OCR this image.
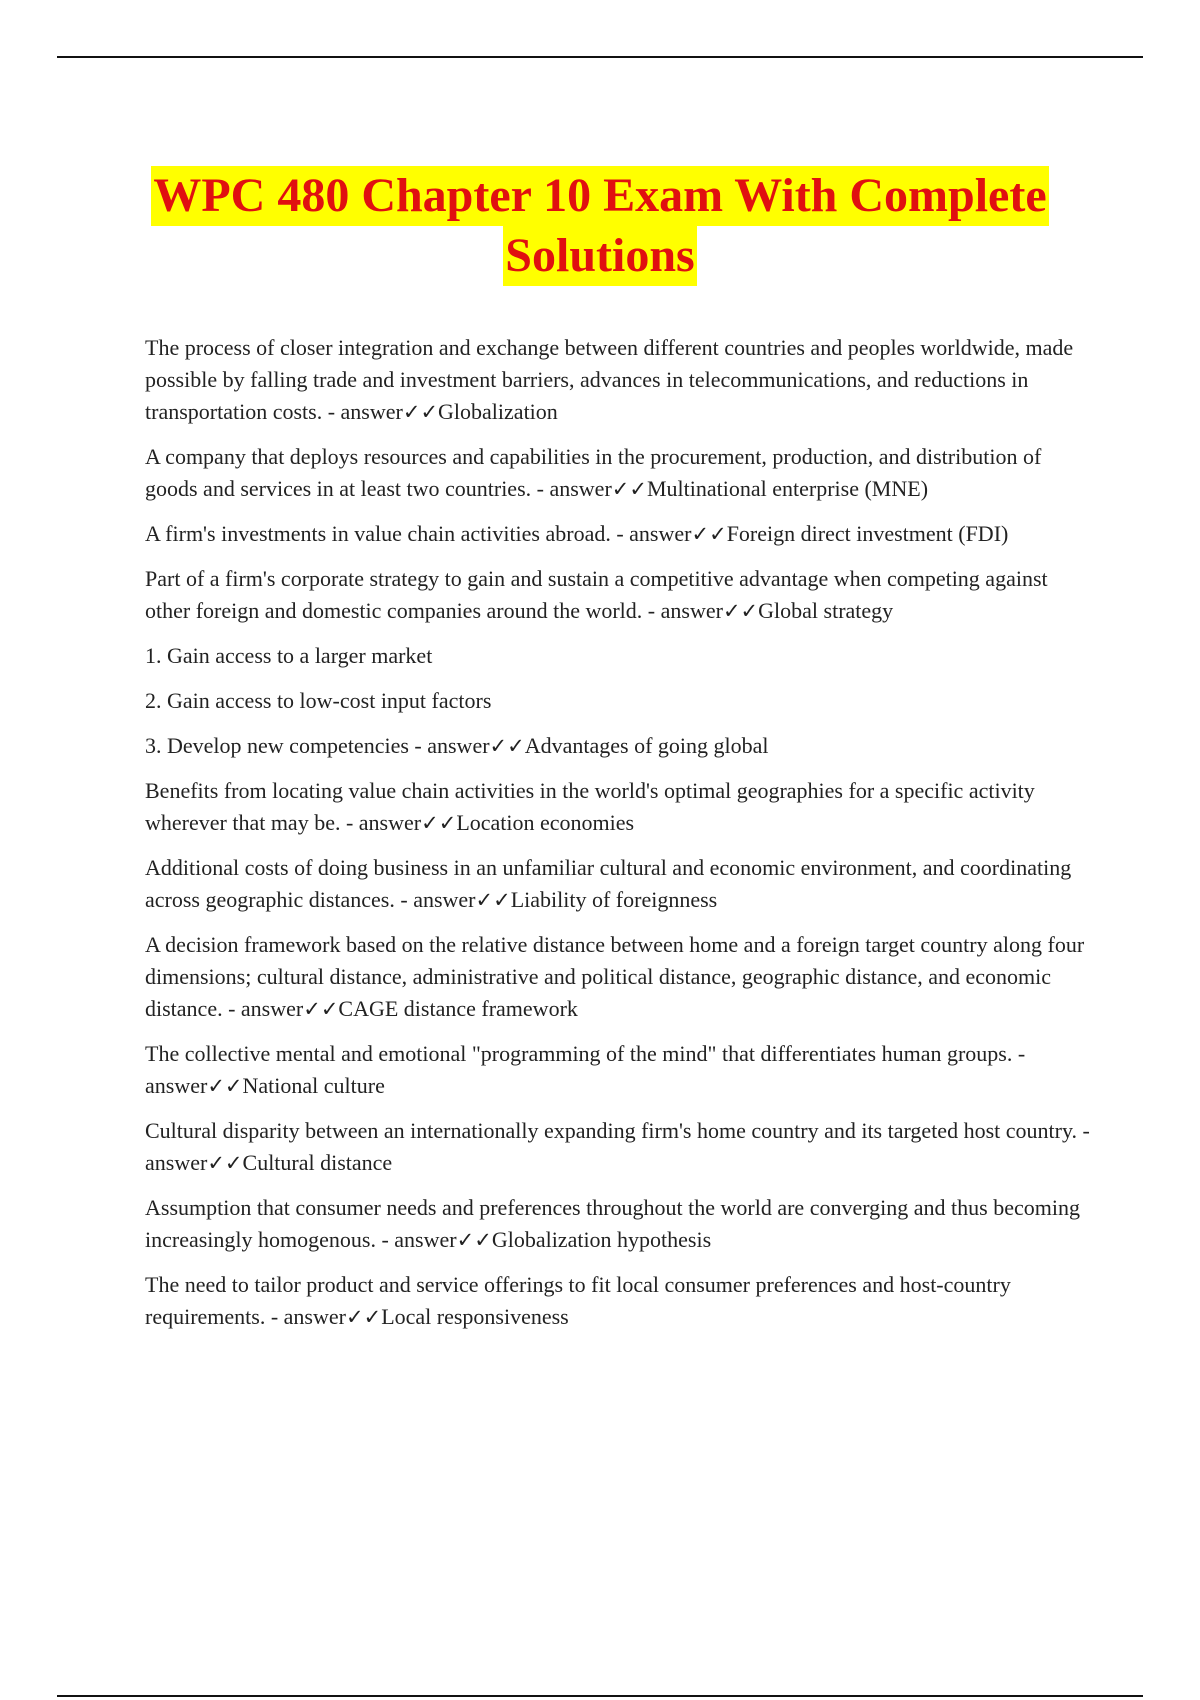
WPC 480 Chapter 10 Exam With Complete
Solutions

The process of closer integration and exchange between different countries and peoples worldwide, made possible by falling trade and investment barriers, advances in telecommunications, and reductions in transportation costs. - answer✓✓Globalization

A company that deploys resources and capabilities in the procurement, production, and distribution of goods and services in at least two countries. - answer✓✓Multinational enterprise (MNE)

A firm's investments in value chain activities abroad. - answer✓✓Foreign direct investment (FDI)

Part of a firm's corporate strategy to gain and sustain a competitive advantage when competing against other foreign and domestic companies around the world. - answer✓✓Global strategy

1. Gain access to a larger market

2. Gain access to low-cost input factors

3. Develop new competencies - answer✓✓Advantages of going global

Benefits from locating value chain activities in the world's optimal geographies for a specific activity wherever that may be. - answer✓✓Location economies

Additional costs of doing business in an unfamiliar cultural and economic environment, and coordinating across geographic distances. - answer✓✓Liability of foreignness

A decision framework based on the relative distance between home and a foreign target country along four dimensions; cultural distance, administrative and political distance, geographic distance, and economic distance. - answer✓✓CAGE distance framework

The collective mental and emotional "programming of the mind" that differentiates human groups. - answer✓✓National culture

Cultural disparity between an internationally expanding firm's home country and its targeted host country. - answer✓✓Cultural distance

Assumption that consumer needs and preferences throughout the world are converging and thus becoming increasingly homogenous. - answer✓✓Globalization hypothesis

The need to tailor product and service offerings to fit local consumer preferences and host-country requirements. - answer✓✓Local responsiveness
